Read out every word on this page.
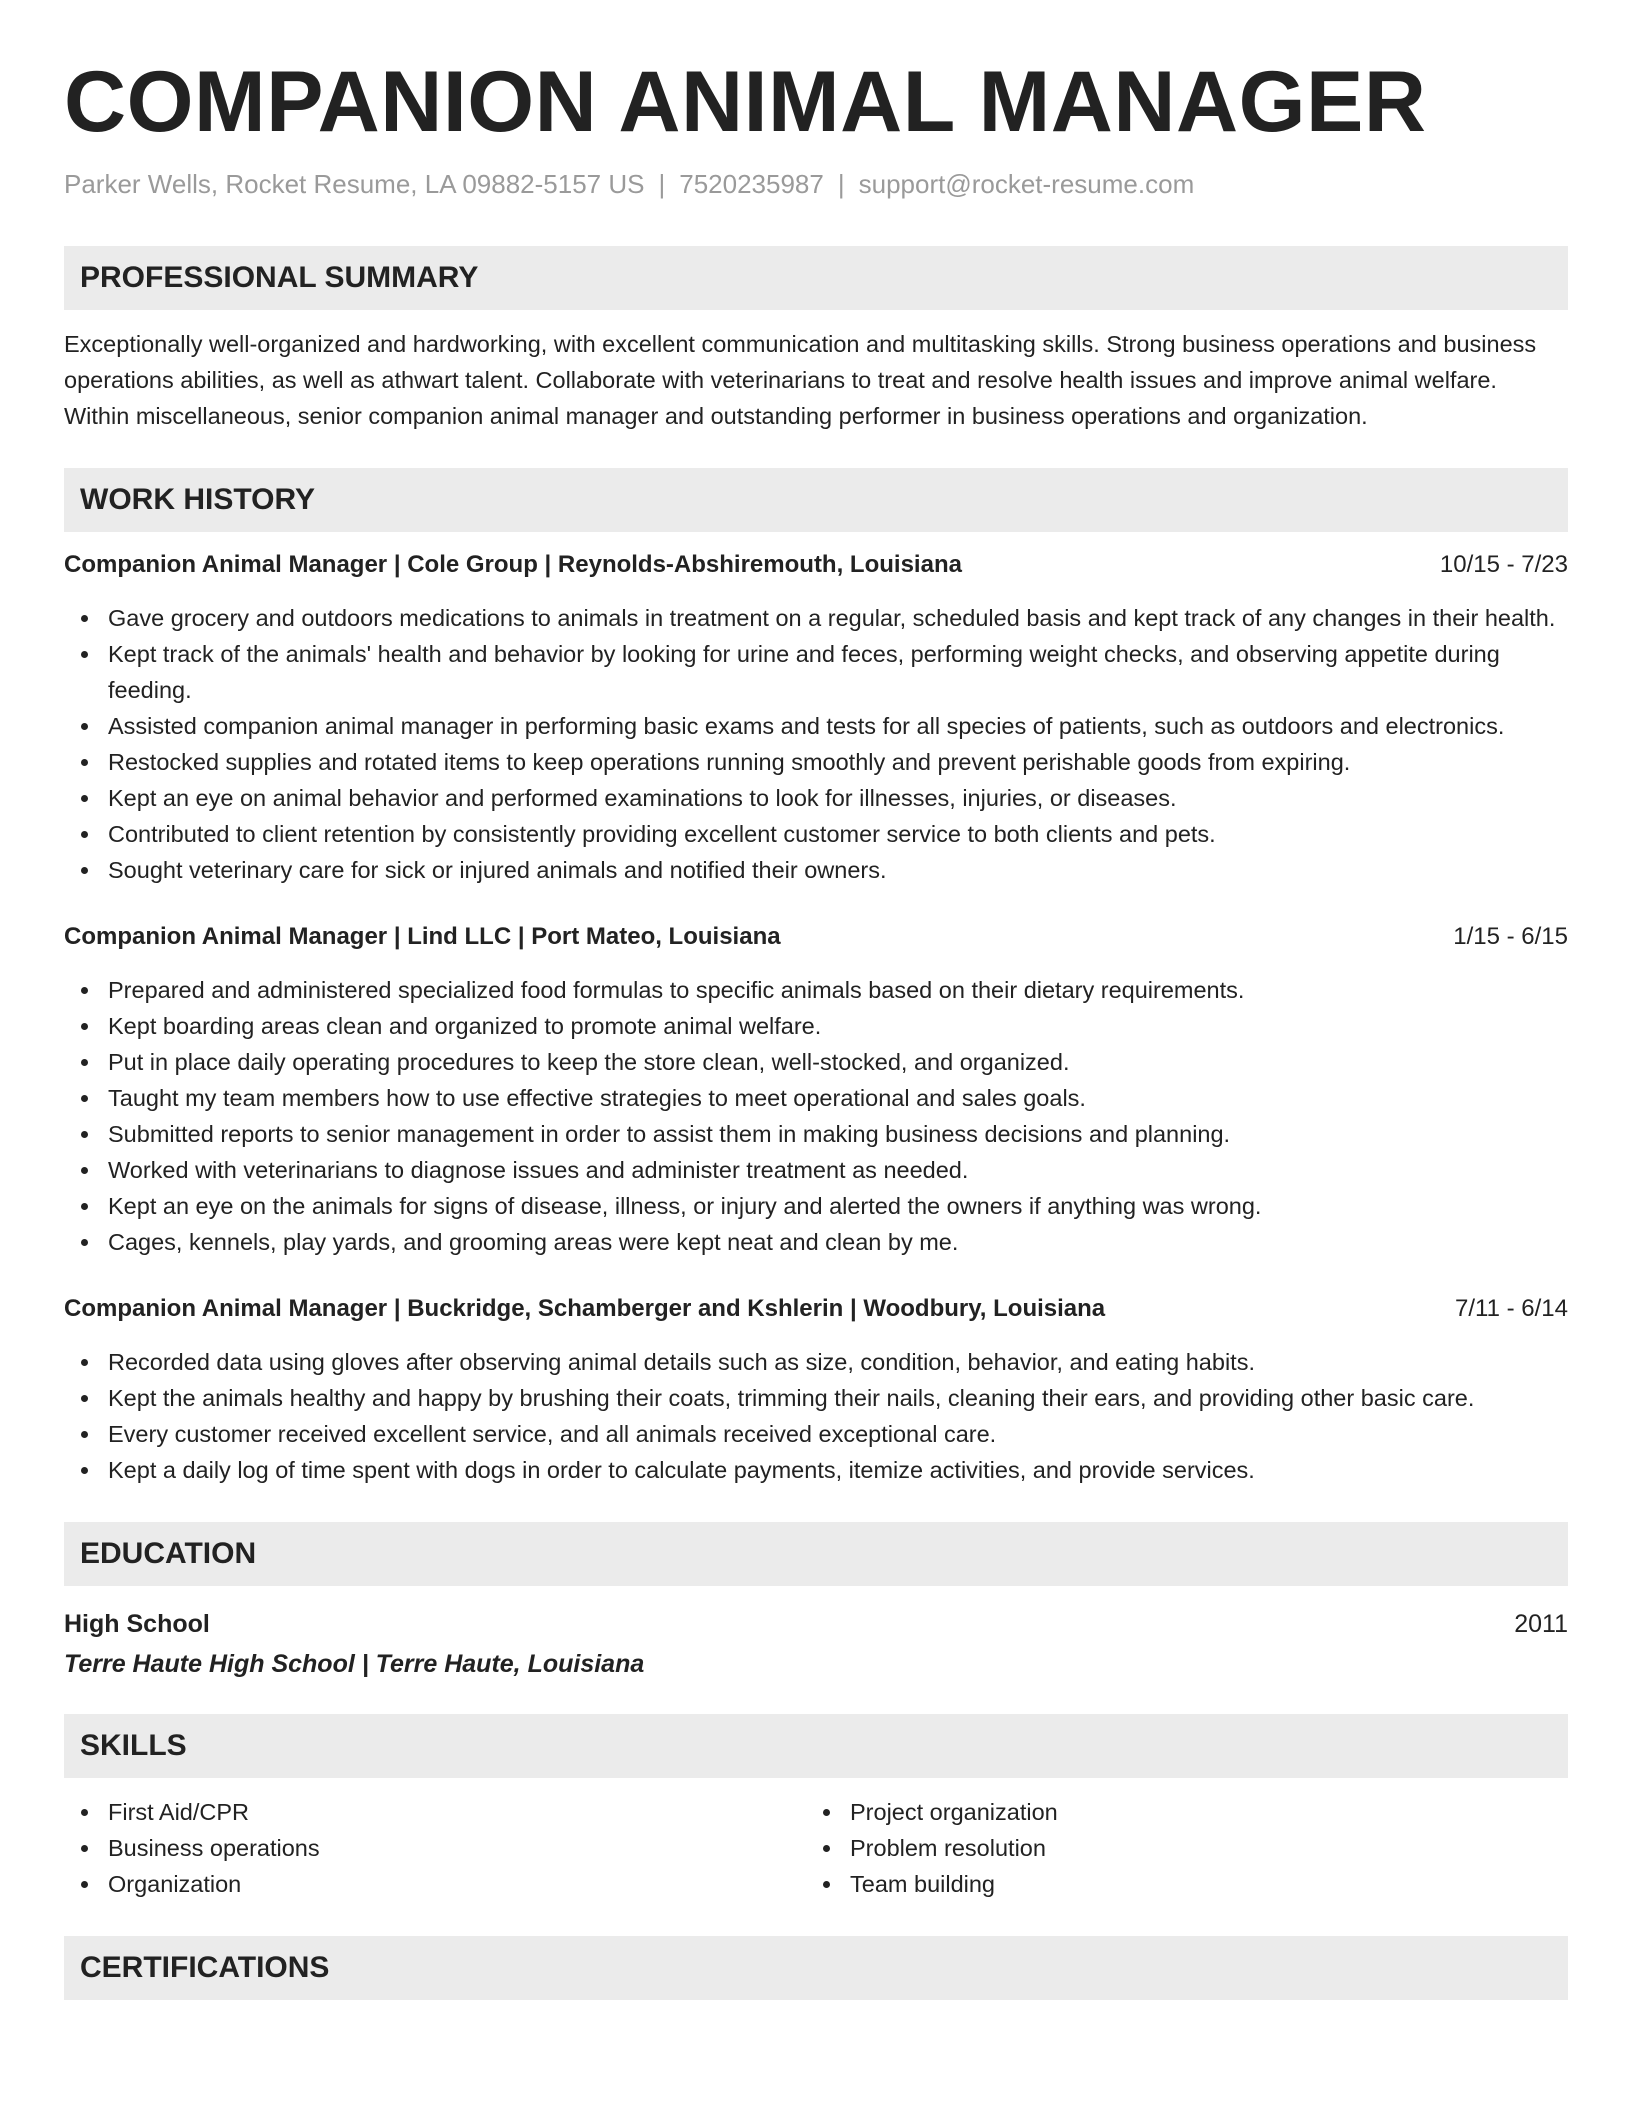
COMPANION ANIMAL MANAGER
Parker Wells, Rocket Resume, LA 09882-5157 US | 7520235987 | support@rocket-resume.com
PROFESSIONAL SUMMARY

Exceptionally well-organized and hardworking, with excellent communication and multitasking skills. Strong business operations and business operations abilities, as well as athwart talent. Collaborate with veterinarians to treat and resolve health issues and improve animal welfare. Within miscellaneous, senior companion animal manager and outstanding performer in business operations and organization.

WORK HISTORY
Companion Animal Manager | Cole Group | Reynolds-Abshiremouth, Louisiana	10/15 - 7/23
Gave grocery and outdoors medications to animals in treatment on a regular, scheduled basis and kept track of any changes in their health.
Kept track of the animals' health and behavior by looking for urine and feces, performing weight checks, and observing appetite during feeding.
Assisted companion animal manager in performing basic exams and tests for all species of patients, such as outdoors and electronics.
Restocked supplies and rotated items to keep operations running smoothly and prevent perishable goods from expiring.
Kept an eye on animal behavior and performed examinations to look for illnesses, injuries, or diseases.
Contributed to client retention by consistently providing excellent customer service to both clients and pets.
Sought veterinary care for sick or injured animals and notified their owners.
Companion Animal Manager | Lind LLC | Port Mateo, Louisiana	1/15 - 6/15
Prepared and administered specialized food formulas to specific animals based on their dietary requirements.
Kept boarding areas clean and organized to promote animal welfare.
Put in place daily operating procedures to keep the store clean, well-stocked, and organized.
Taught my team members how to use effective strategies to meet operational and sales goals.
Submitted reports to senior management in order to assist them in making business decisions and planning.
Worked with veterinarians to diagnose issues and administer treatment as needed.
Kept an eye on the animals for signs of disease, illness, or injury and alerted the owners if anything was wrong.
Cages, kennels, play yards, and grooming areas were kept neat and clean by me.
Companion Animal Manager | Buckridge, Schamberger and Kshlerin | Woodbury, Louisiana	7/11 - 6/14
Recorded data using gloves after observing animal details such as size, condition, behavior, and eating habits.
Kept the animals healthy and happy by brushing their coats, trimming their nails, cleaning their ears, and providing other basic care.
Every customer received excellent service, and all animals received exceptional care.
Kept a daily log of time spent with dogs in order to calculate payments, itemize activities, and provide services.
EDUCATION
High School	2011
Terre Haute High School | Terre Haute, Louisiana
SKILLS
First Aid/CPR
Business operations
Organization
Project organization
Problem resolution
Team building
CERTIFICATIONS
